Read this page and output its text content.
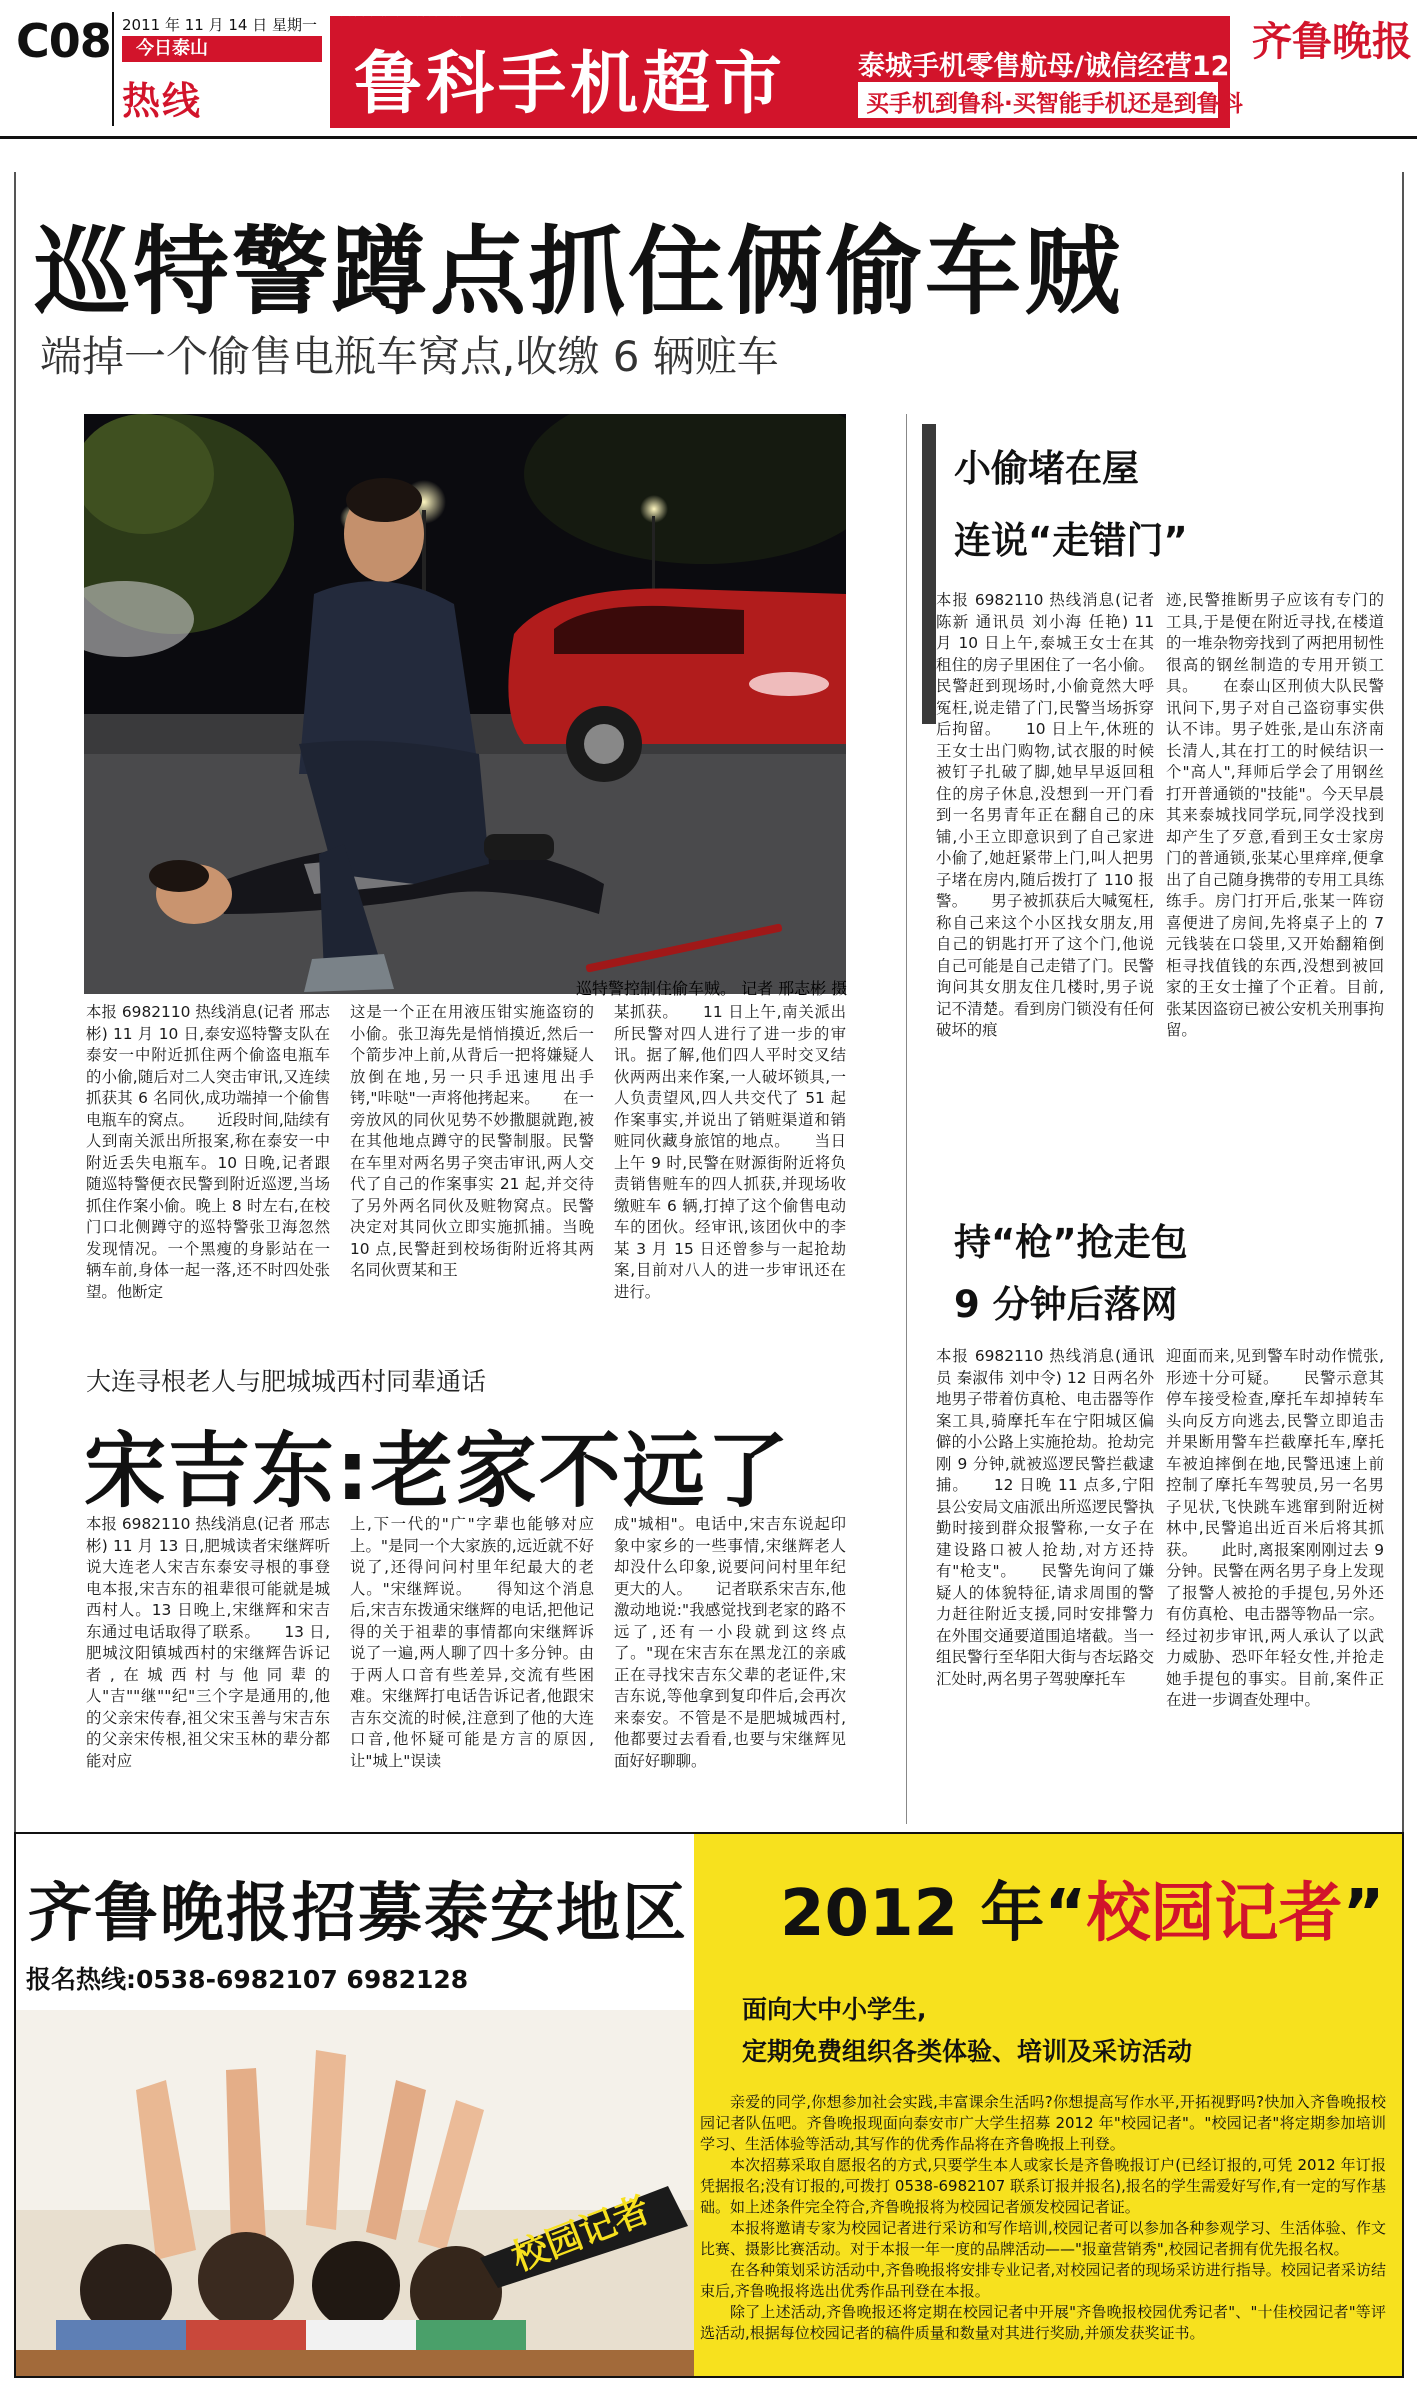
C08 2011 年 11 月 14 日 星期一
今日泰山
热线
编辑 安然 组版 赵鹏
鲁科手机超市	泰城手机零售航母/诚信经营12年
买手机到鲁科·买智能手机还是到鲁科
齐鲁晚报
巡特警蹲点抓住俩偷车贼
端掉一个偷售电瓶车窝点,收缴 6 辆赃车
巡特警控制住偷车贼。 记者 邢志彬 摄
本报 6982110 热线消息(记者 邢志彬) 11 月 10 日,泰安巡特警支队在泰安一中附近抓住两个偷盗电瓶车的小偷,随后对二人突击审讯,又连续抓获其 6 名同伙,成功端掉一个偷售电瓶车的窝点。　　近段时间,陆续有人到南关派出所报案,称在泰安一中附近丢失电瓶车。10 日晚,记者跟随巡特警便衣民警到附近巡逻,当场抓住作案小偷。晚上 8 时左右,在校门口北侧蹲守的巡特警张卫海忽然发现情况。一个黑瘦的身影站在一辆车前,身体一起一落,还不时四处张望。他断定
这是一个正在用液压钳实施盗窃的小偷。张卫海先是悄悄摸近,然后一个箭步冲上前,从背后一把将嫌疑人放倒在地,另一只手迅速甩出手铐,"咔哒"一声将他拷起来。　　在一旁放风的同伙见势不妙撒腿就跑,被在其他地点蹲守的民警制服。民警在车里对两名男子突击审讯,两人交代了自己的作案事实 21 起,并交待了另外两名同伙及赃物窝点。民警决定对其同伙立即实施抓捕。当晚 10 点,民警赶到校场街附近将其两名同伙贾某和王
某抓获。　　11 日上午,南关派出所民警对四人进行了进一步的审讯。据了解,他们四人平时交叉结伙两两出来作案,一人破坏锁具,一人负责望风,四人共交代了 51 起作案事实,并说出了销赃渠道和销赃同伙藏身旅馆的地点。　　当日上午 9 时,民警在财源街附近将负责销售赃车的四人抓获,并现场收缴赃车 6 辆,打掉了这个偷售电动车的团伙。经审讯,该团伙中的李某 3 月 15 日还曾参与一起抢劫案,目前对八人的进一步审讯还在进行。
大连寻根老人与肥城城西村同辈通话
宋吉东:老家不远了
本报 6982110 热线消息(记者 邢志彬) 11 月 13 日,肥城读者宋继辉听说大连老人宋吉东泰安寻根的事登电本报,宋吉东的祖辈很可能就是城西村人。13 日晚上,宋继辉和宋吉东通过电话取得了联系。　　13 日,肥城汶阳镇城西村的宋继辉告诉记者,在城西村与他同辈的人"吉""继""纪"三个字是通用的,他的父亲宋传春,祖父宋玉善与宋吉东的父亲宋传根,祖父宋玉林的辈分都能对应
上,下一代的"广"字辈也能够对应上。"是同一个大家族的,远近就不好说了,还得问问村里年纪最大的老人。"宋继辉说。　　得知这个消息后,宋吉东拨通宋继辉的电话,把他记得的关于祖辈的事情都向宋继辉诉说了一遍,两人聊了四十多分钟。由于两人口音有些差异,交流有些困难。宋继辉打电话告诉记者,他跟宋吉东交流的时候,注意到了他的大连口音,他怀疑可能是方言的原因,让"城上"误读
成"城相"。电话中,宋吉东说起印象中家乡的一些事情,宋继辉老人却没什么印象,说要问问村里年纪更大的人。　　记者联系宋吉东,他激动地说:"我感觉找到老家的路不远了,还有一小段就到这终点了。"现在宋吉东在黑龙江的亲戚正在寻找宋吉东父辈的老证件,宋吉东说,等他拿到复印件后,会再次来泰安。不管是不是肥城城西村,他都要过去看看,也要与宋继辉见面好好聊聊。
小偷堵在屋
连说“走错门”
本报 6982110 热线消息(记者 陈新 通讯员 刘小海 任艳) 11 月 10 日上午,泰城王女士在其租住的房子里困住了一名小偷。民警赶到现场时,小偷竟然大呼冤枉,说走错了门,民警当场拆穿后拘留。　　10 日上午,休班的王女士出门购物,试衣服的时候被钉子扎破了脚,她早早返回租住的房子休息,没想到一开门看到一名男青年正在翻自己的床铺,小王立即意识到了自己家进小偷了,她赶紧带上门,叫人把男子堵在房内,随后拨打了 110 报警。　　男子被抓获后大喊冤枉,称自己来这个小区找女朋友,用自己的钥匙打开了这个门,他说自己可能是自己走错了门。民警询问其女朋友住几楼时,男子说记不清楚。看到房门锁没有任何破坏的痕
迹,民警推断男子应该有专门的工具,于是便在附近寻找,在楼道的一堆杂物旁找到了两把用韧性很高的钢丝制造的专用开锁工具。　　在泰山区刑侦大队民警讯问下,男子对自己盗窃事实供认不讳。男子姓张,是山东济南长清人,其在打工的时候结识一个"高人",拜师后学会了用钢丝打开普通锁的"技能"。今天早晨其来泰城找同学玩,同学没找到却产生了歹意,看到王女士家房门的普通锁,张某心里痒痒,便拿出了自己随身携带的专用工具练练手。房门打开后,张某一阵窃喜便进了房间,先将桌子上的 7 元钱装在口袋里,又开始翻箱倒柜寻找值钱的东西,没想到被回家的王女士撞了个正着。目前,张某因盗窃已被公安机关刑事拘留。
持“枪”抢走包
9 分钟后落网
本报 6982110 热线消息(通讯员 秦淑伟 刘中令) 12 日两名外地男子带着仿真枪、电击器等作案工具,骑摩托车在宁阳城区偏僻的小公路上实施抢劫。抢劫完刚 9 分钟,就被巡逻民警拦截逮捕。　　12 日晚 11 点多,宁阳县公安局文庙派出所巡逻民警执勤时接到群众报警称,一女子在建设路口被人抢劫,对方还持有"枪支"。　　民警先询问了嫌疑人的体貌特征,请求周围的警力赶往附近支援,同时安排警力在外围交通要道围追堵截。当一组民警行至华阳大街与杏坛路交汇处时,两名男子驾驶摩托车
迎面而来,见到警车时动作慌张,形迹十分可疑。　　民警示意其停车接受检查,摩托车却掉转车头向反方向逃去,民警立即追击并果断用警车拦截摩托车,摩托车被迫摔倒在地,民警迅速上前控制了摩托车驾驶员,另一名男子见状,飞快跳车逃窜到附近树林中,民警追出近百米后将其抓获。　　此时,离报案刚刚过去 9 分钟。民警在两名男子身上发现了报警人被抢的手提包,另外还有仿真枪、电击器等物品一宗。经过初步审讯,两人承认了以武力威胁、恐吓年轻女性,并抢走她手提包的事实。目前,案件正在进一步调查处理中。
齐鲁晚报招募泰安地区 2012 年“校园记者”
报名热线:0538-6982107 6982128
校园记者
面向大中小学生,
定期免费组织各类体验、培训及采访活动

亲爱的同学,你想参加社会实践,丰富课余生活吗?你想提高写作水平,开拓视野吗?快加入齐鲁晚报校园记者队伍吧。齐鲁晚报现面向泰安市广大学生招募 2012 年"校园记者"。"校园记者"将定期参加培训学习、生活体验等活动,其写作的优秀作品将在齐鲁晚报上刊登。

本次招募采取自愿报名的方式,只要学生本人或家长是齐鲁晚报订户(已经订报的,可凭 2012 年订报凭据报名;没有订报的,可拨打 0538-6982107 联系订报并报名),报名的学生需爱好写作,有一定的写作基础。如上述条件完全符合,齐鲁晚报将为校园记者颁发校园记者证。

本报将邀请专家为校园记者进行采访和写作培训,校园记者可以参加各种参观学习、生活体验、作文比赛、摄影比赛活动。对于本报一年一度的品牌活动——"报童营销秀",校园记者拥有优先报名权。

在各种策划采访活动中,齐鲁晚报将安排专业记者,对校园记者的现场采访进行指导。校园记者采访结束后,齐鲁晚报将选出优秀作品刊登在本报。

除了上述活动,齐鲁晚报还将定期在校园记者中开展"齐鲁晚报校园优秀记者"、"十佳校园记者"等评选活动,根据每位校园记者的稿件质量和数量对其进行奖励,并颁发获奖证书。
